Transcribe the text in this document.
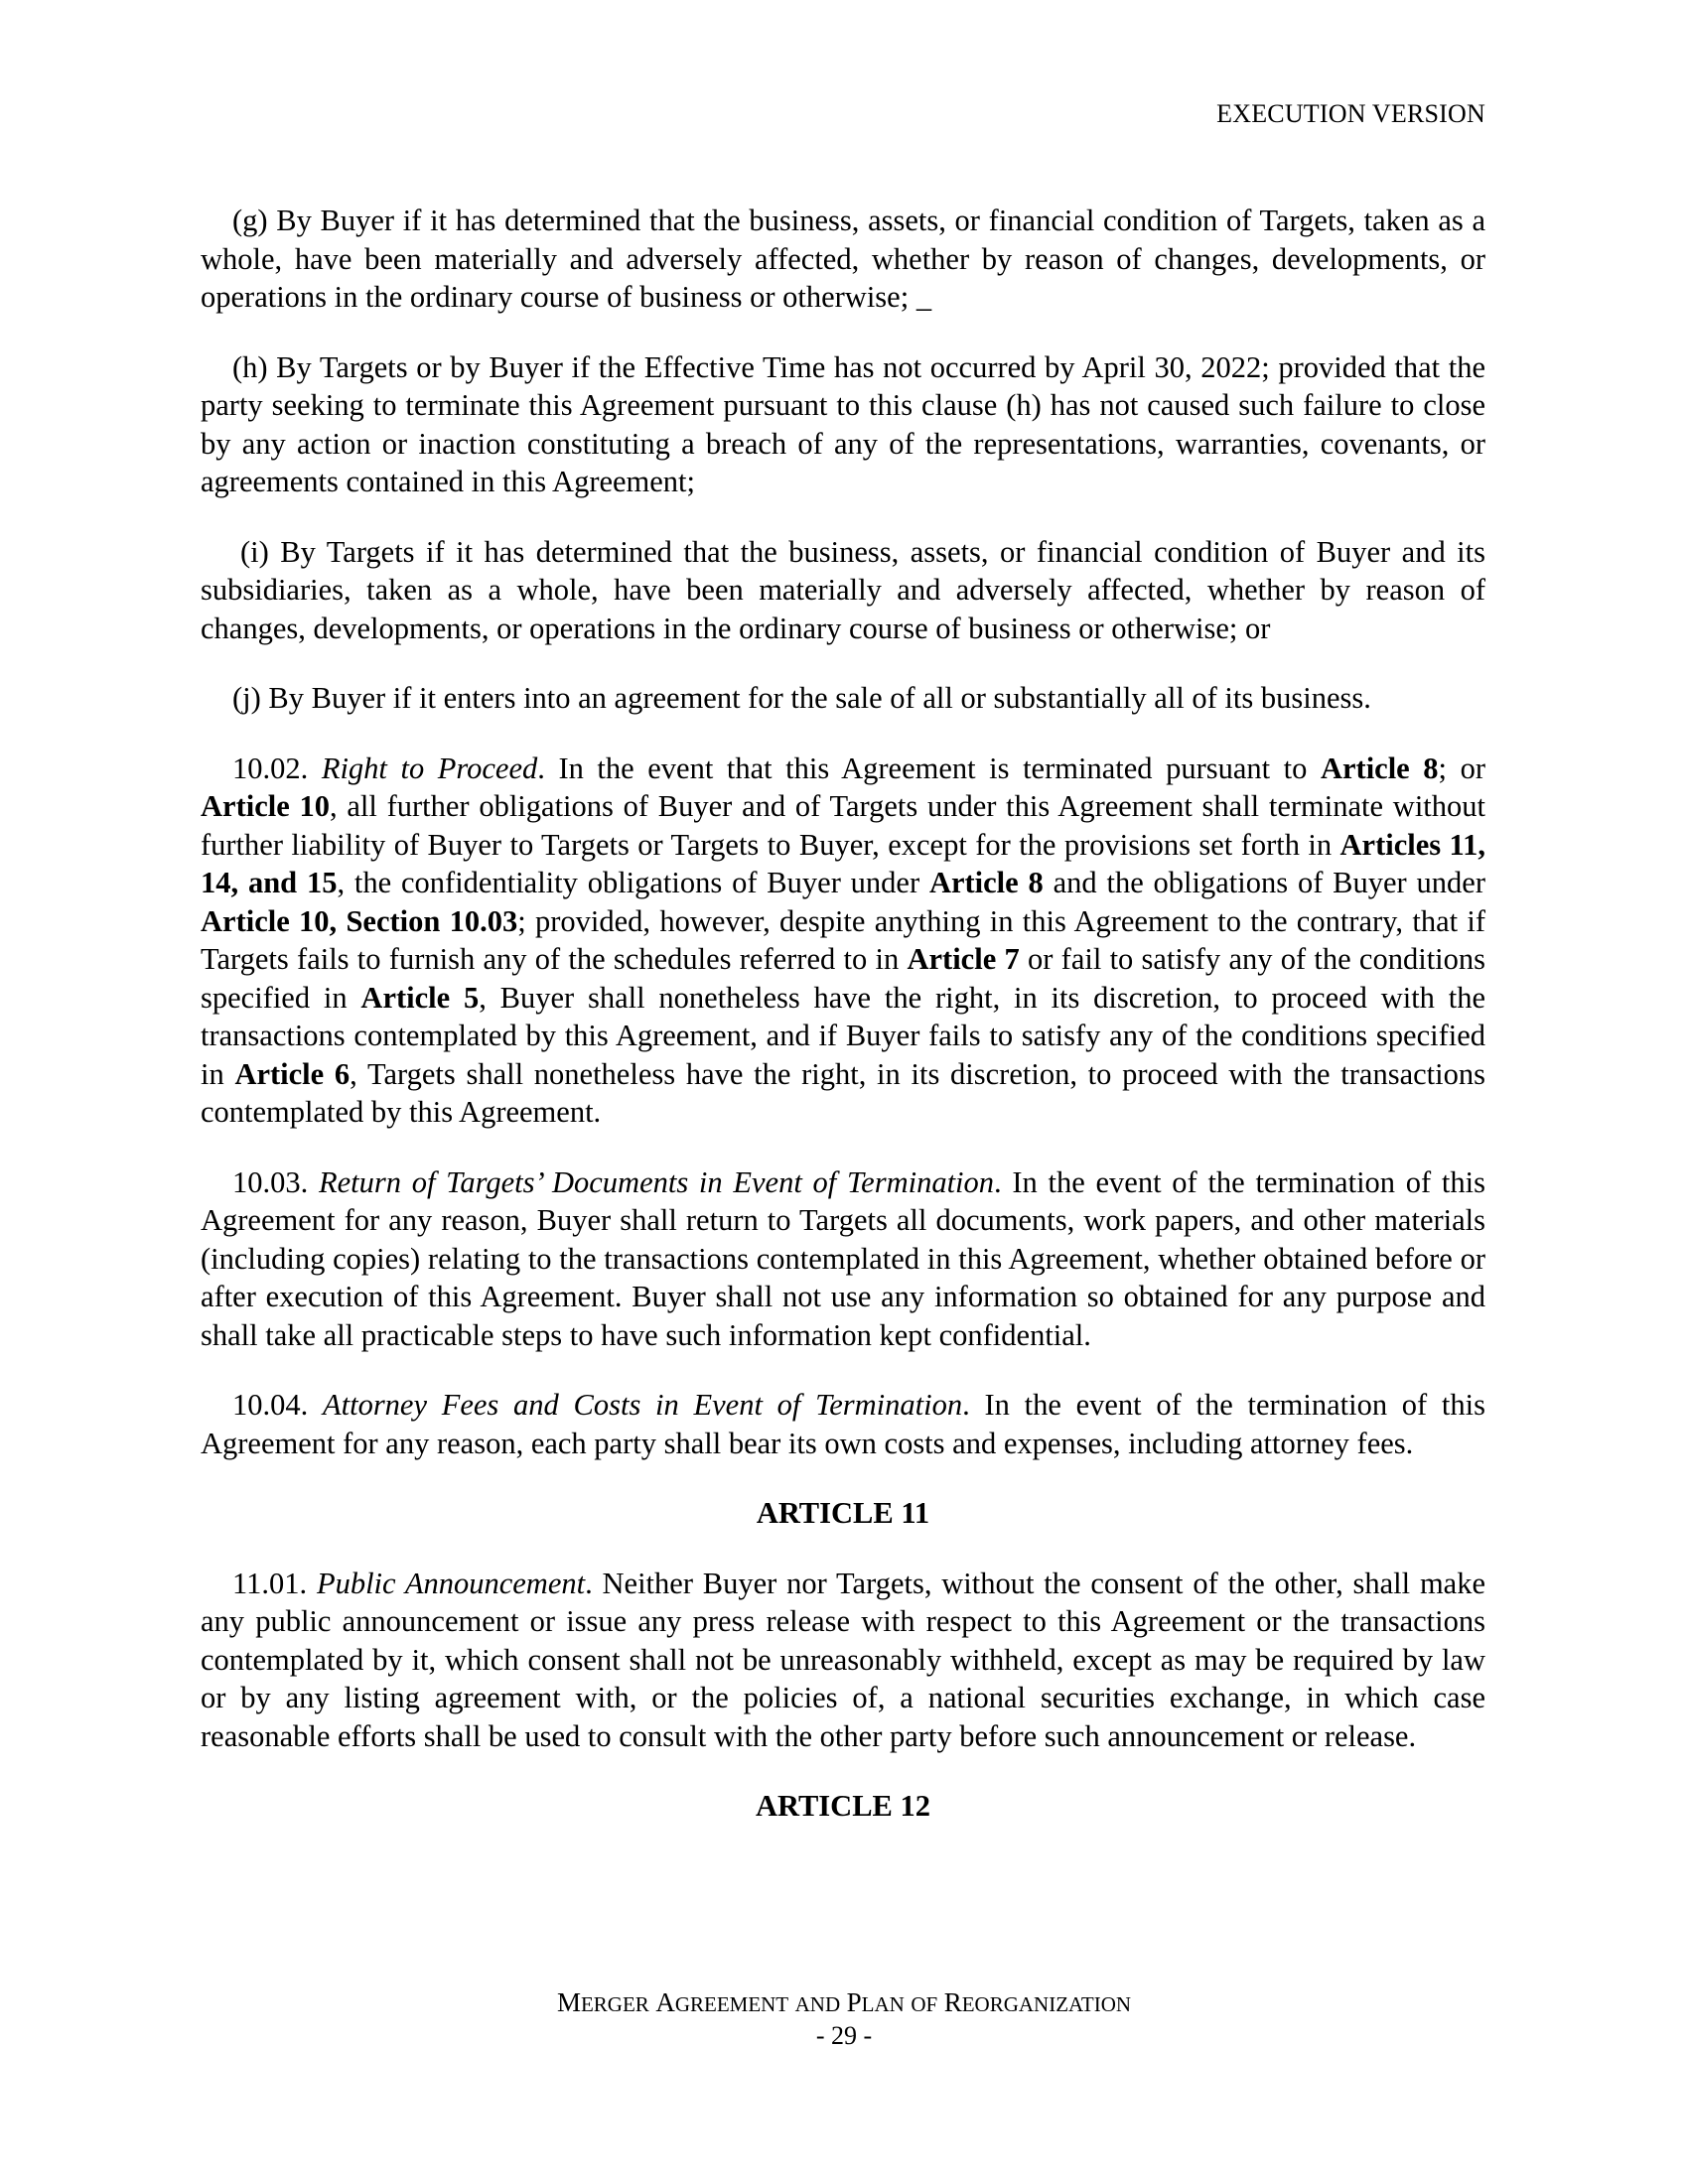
EXECUTION VERSION

(g) By Buyer if it has determined that the business, assets, or financial condition of Targets, taken as a whole, have been materially and adversely affected, whether by reason of changes, developments, or operations in the ordinary course of business or otherwise; _

(h) By Targets or by Buyer if the Effective Time has not occurred by April 30, 2022; provided that the party seeking to terminate this Agreement pursuant to this clause (h) has not caused such failure to close by any action or inaction constituting a breach of any of the representations, warranties, covenants, or agreements contained in this Agreement;

(i) By Targets if it has determined that the business, assets, or financial condition of Buyer and its subsidiaries, taken as a whole, have been materially and adversely affected, whether by reason of changes, developments, or operations in the ordinary course of business or otherwise; or

(j) By Buyer if it enters into an agreement for the sale of all or substantially all of its business.

10.02. Right to Proceed. In the event that this Agreement is terminated pursuant to Article 8; or Article 10, all further obligations of Buyer and of Targets under this Agreement shall terminate without further liability of Buyer to Targets or Targets to Buyer, except for the provisions set forth in Articles 11, 14, and 15, the confidentiality obligations of Buyer under Article 8 and the obligations of Buyer under Article 10, Section 10.03; provided, however, despite anything in this Agreement to the contrary, that if Targets fails to furnish any of the schedules referred to in Article 7 or fail to satisfy any of the conditions specified in Article 5, Buyer shall nonetheless have the right, in its discretion, to proceed with the transactions contemplated by this Agreement, and if Buyer fails to satisfy any of the conditions specified in Article 6, Targets shall nonetheless have the right, in its discretion, to proceed with the transactions contemplated by this Agreement.

10.03. Return of Targets’ Documents in Event of Termination. In the event of the termination of this Agreement for any reason, Buyer shall return to Targets all documents, work papers, and other materials (including copies) relating to the transactions contemplated in this Agreement, whether obtained before or after execution of this Agreement. Buyer shall not use any information so obtained for any purpose and shall take all practicable steps to have such information kept confidential.

10.04. Attorney Fees and Costs in Event of Termination. In the event of the termination of this Agreement for any reason, each party shall bear its own costs and expenses, including attorney fees.

ARTICLE 11

11.01. Public Announcement. Neither Buyer nor Targets, without the consent of the other, shall make any public announcement or issue any press release with respect to this Agreement or the transactions contemplated by it, which consent shall not be unreasonably withheld, except as may be required by law or by any listing agreement with, or the policies of, a national securities exchange, in which case reasonable efforts shall be used to consult with the other party before such announcement or release.

ARTICLE 12
MERGER AGREEMENT AND PLAN OF REORGANIZATION
- 29 -
